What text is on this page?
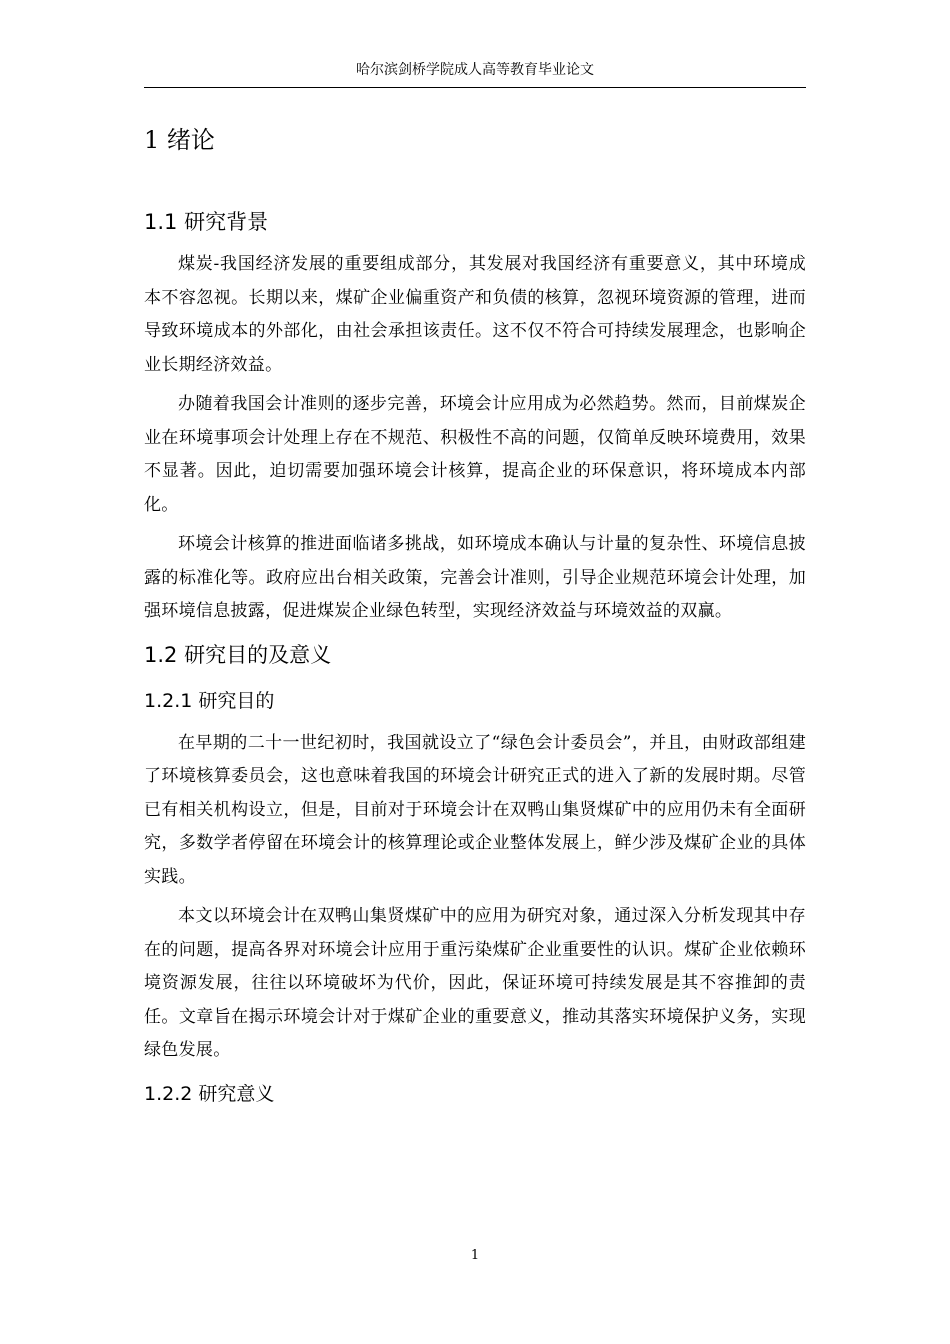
哈尔滨剑桥学院成人高等教育毕业论文
1 绪论
1.1 研究背景

煤炭-我国经济发展的重要组成部分，其发展对我国经济有重要意义，其中环境成本不容忽视。长期以来，煤矿企业偏重资产和负债的核算，忽视环境资源的管理，进而导致环境成本的外部化，由社会承担该责任。这不仅不符合可持续发展理念，也影响企业长期经济效益。

办随着我国会计准则的逐步完善，环境会计应用成为必然趋势。然而，目前煤炭企业在环境事项会计处理上存在不规范、积极性不高的问题，仅简单反映环境费用，效果不显著。因此，迫切需要加强环境会计核算，提高企业的环保意识，将环境成本内部化。

环境会计核算的推进面临诸多挑战，如环境成本确认与计量的复杂性、环境信息披露的标准化等。政府应出台相关政策，完善会计准则，引导企业规范环境会计处理，加强环境信息披露，促进煤炭企业绿色转型，实现经济效益与环境效益的双赢。

1.2 研究目的及意义
1.2.1 研究目的

在早期的二十一世纪初时，我国就设立了“绿色会计委员会”，并且，由财政部组建了环境核算委员会，这也意味着我国的环境会计研究正式的进入了新的发展时期。尽管已有相关机构设立，但是，目前对于环境会计在双鸭山集贤煤矿中的应用仍未有全面研究，多数学者停留在环境会计的核算理论或企业整体发展上，鲜少涉及煤矿企业的具体实践。

本文以环境会计在双鸭山集贤煤矿中的应用为研究对象，通过深入分析发现其中存在的问题，提高各界对环境会计应用于重污染煤矿企业重要性的认识。煤矿企业依赖环境资源发展，往往以环境破坏为代价，因此，保证环境可持续发展是其不容推卸的责任。文章旨在揭示环境会计对于煤矿企业的重要意义，推动其落实环境保护义务，实现绿色发展。

1.2.2 研究意义
1
